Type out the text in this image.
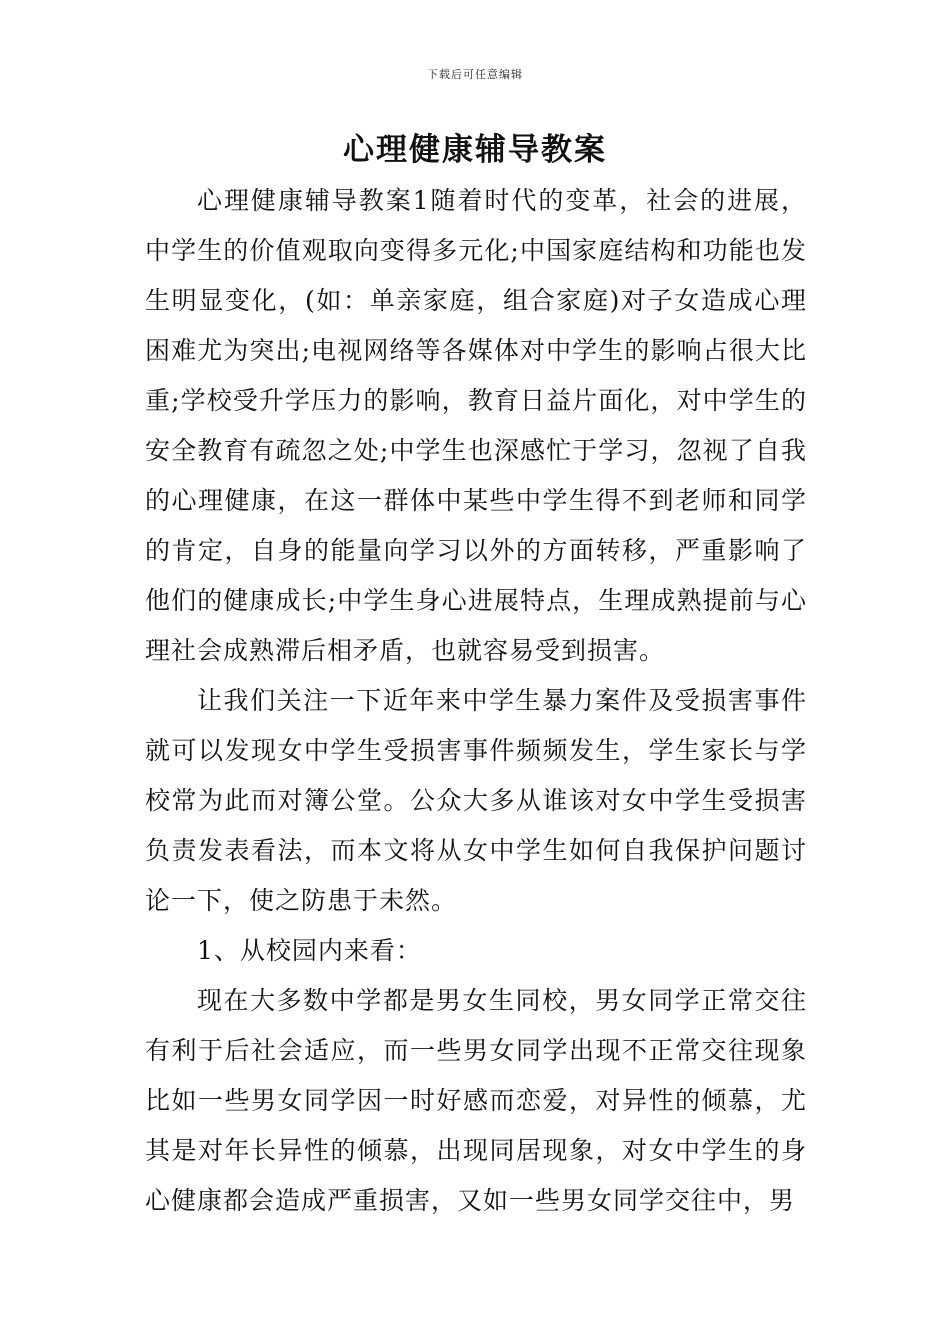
下载后可任意编辑
心理健康辅导教案

心理健康辅导教案1随着时代的变革，社会的进展，中学生的价值观取向变得多元化;中国家庭结构和功能也发生明显变化，(如：单亲家庭，组合家庭)对子女造成心理困难尤为突出;电视网络等各媒体对中学生的影响占很大比重;学校受升学压力的影响，教育日益片面化，对中学生的安全教育有疏忽之处;中学生也深感忙于学习，忽视了自我的心理健康，在这一群体中某些中学生得不到老师和同学的肯定，自身的能量向学习以外的方面转移，严重影响了他们的健康成长;中学生身心进展特点，生理成熟提前与心理社会成熟滞后相矛盾，也就容易受到损害。

让我们关注一下近年来中学生暴力案件及受损害事件就可以发现女中学生受损害事件频频发生，学生家长与学校常为此而对簿公堂。公众大多从谁该对女中学生受损害负责发表看法，而本文将从女中学生如何自我保护问题讨论一下，使之防患于未然。

1、从校园内来看：

现在大多数中学都是男女生同校，男女同学正常交往有利于后社会适应，而一些男女同学出现不正常交往现象比如一些男女同学因一时好感而恋爱，对异性的倾慕，尤其是对年长异性的倾慕，出现同居现象，对女中学生的身心健康都会造成严重损害，又如一些男女同学交往中，男
